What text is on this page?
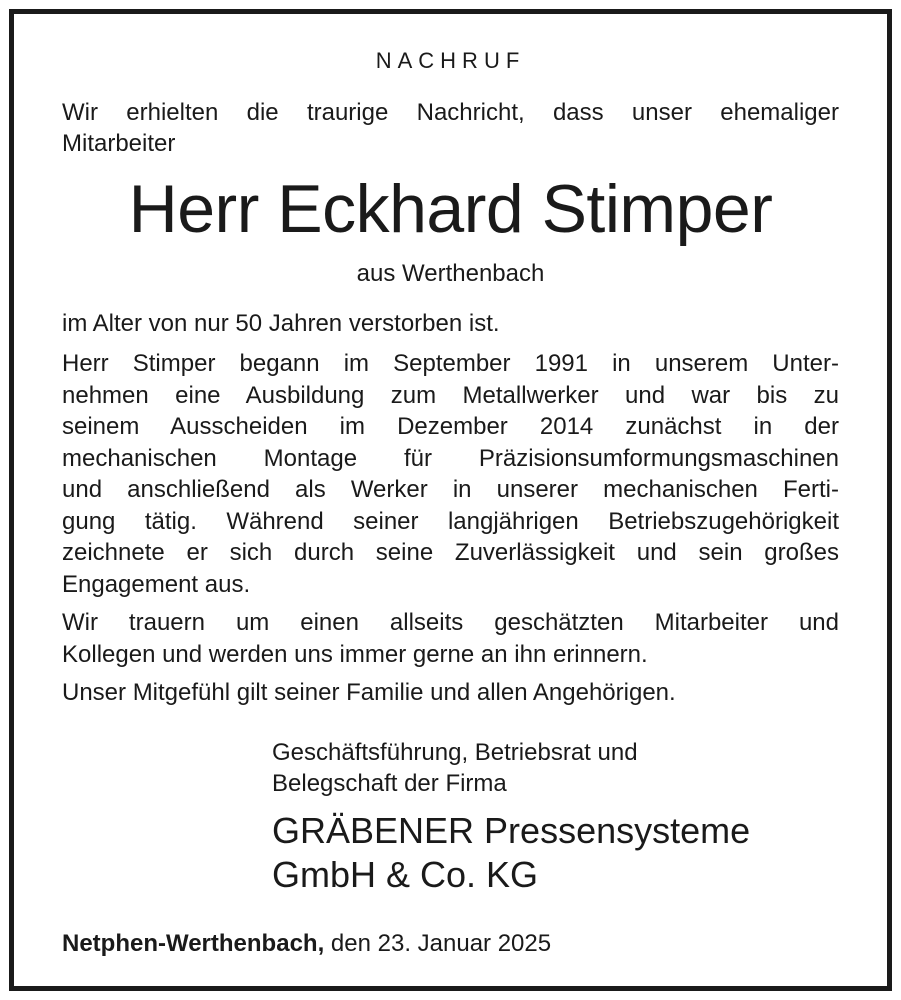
NACHRUF
Wir erhielten die traurige Nachricht, dass unser ehemaliger
Mitarbeiter
Herr Eckhard Stimper
aus Werthenbach
im Alter von nur 50 Jahren verstorben ist.
Herr Stimper begann im September 1991 in unserem Unter-
nehmen eine Ausbildung zum Metallwerker und war bis zu
seinem Ausscheiden im Dezember 2014 zunächst in der
mechanischen Montage für Präzisionsumformungsmaschinen
und anschließend als Werker in unserer mechanischen Ferti-
gung tätig. Während seiner langjährigen Betriebszugehörigkeit
zeichnete er sich durch seine Zuverlässigkeit und sein großes
Engagement aus.
Wir trauern um einen allseits geschätzten Mitarbeiter und
Kollegen und werden uns immer gerne an ihn erinnern.
Unser Mitgefühl gilt seiner Familie und allen Angehörigen.
Geschäftsführung, Betriebsrat und
Belegschaft der Firma
GRÄBENER Pressensysteme
GmbH & Co. KG
Netphen-Werthenbach, den 23. Januar 2025
